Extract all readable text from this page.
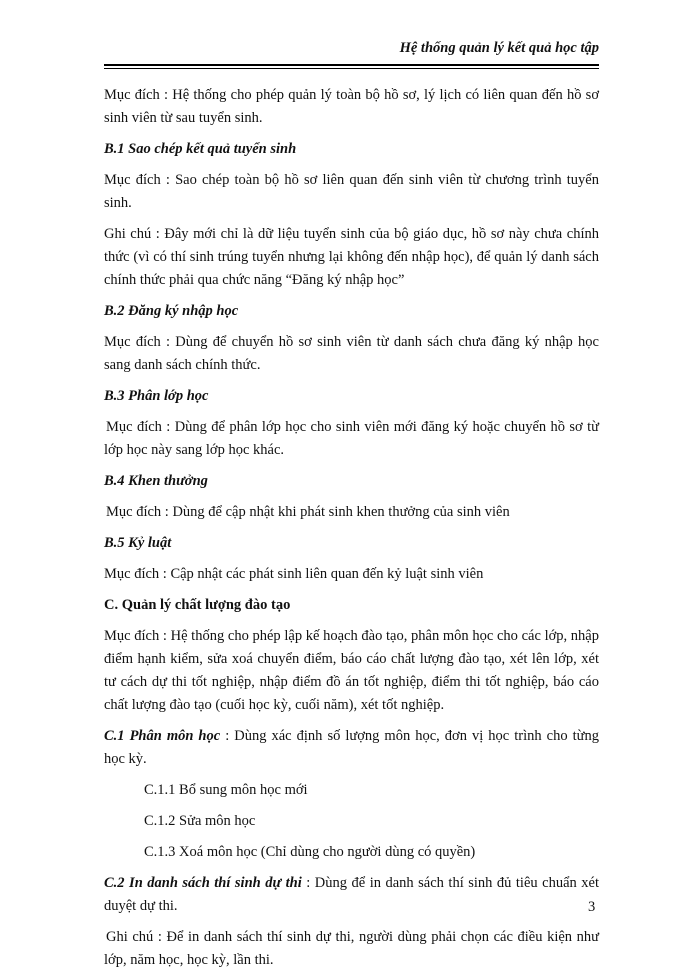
Hệ thống quản lý kết quả học tập

Mục đích : Hệ thống cho phép quản lý toàn bộ hồ sơ, lý lịch có liên quan đến hồ sơ sinh viên từ sau tuyển sinh.

B.1 Sao chép kết quả tuyển sinh

Mục đích : Sao chép toàn bộ hồ sơ liên quan đến sinh viên từ chương trình tuyển sinh.

Ghi chú : Đây mới chỉ là dữ liệu tuyển sinh của bộ giáo dục, hồ sơ này chưa chính thức (vì có thí sinh trúng tuyển nhưng lại không đến nhập học), để quản lý danh sách chính thức phải qua chức năng “Đăng ký nhập học”

B.2 Đăng ký nhập học

Mục đích : Dùng để chuyển hồ sơ sinh viên từ danh sách chưa đăng ký nhập học sang danh sách chính thức.

B.3 Phân lớp học

Mục đích : Dùng để phân lớp học cho sinh viên mới đăng ký hoặc chuyển hồ sơ từ lớp học này sang lớp học khác.

B.4 Khen thưởng

Mục đích : Dùng để cập nhật khi phát sinh khen thưởng của sinh viên

B.5 Kỷ luật

Mục đích : Cập nhật các phát sinh liên quan đến kỷ luật sinh viên

C. Quản lý chất lượng đào tạo

Mục đích : Hệ thống cho phép lập kế hoạch đào tạo, phân môn học cho các lớp, nhập điểm hạnh kiểm, sửa xoá chuyển điểm, báo cáo chất lượng đào tạo, xét lên lớp, xét tư cách dự thi tốt nghiệp, nhập điểm đồ án tốt nghiệp, điểm thi tốt nghiệp, báo cáo chất lượng đào tạo (cuối học kỳ, cuối năm), xét tốt nghiệp.

C.1 Phân môn học : Dùng xác định số lượng môn học, đơn vị học trình cho từng học kỳ.

C.1.1 Bổ sung môn học mới

C.1.2 Sửa môn học

C.1.3 Xoá môn học (Chỉ dùng cho người dùng có quyền)

C.2 In danh sách thí sinh dự thi : Dùng để in danh sách thí sinh đủ tiêu chuẩn xét duyệt dự thi.

Ghi chú : Để in danh sách thí sinh dự thi, người dùng phải chọn các điều kiện như lớp, năm học, học kỳ, lần thi.

3
